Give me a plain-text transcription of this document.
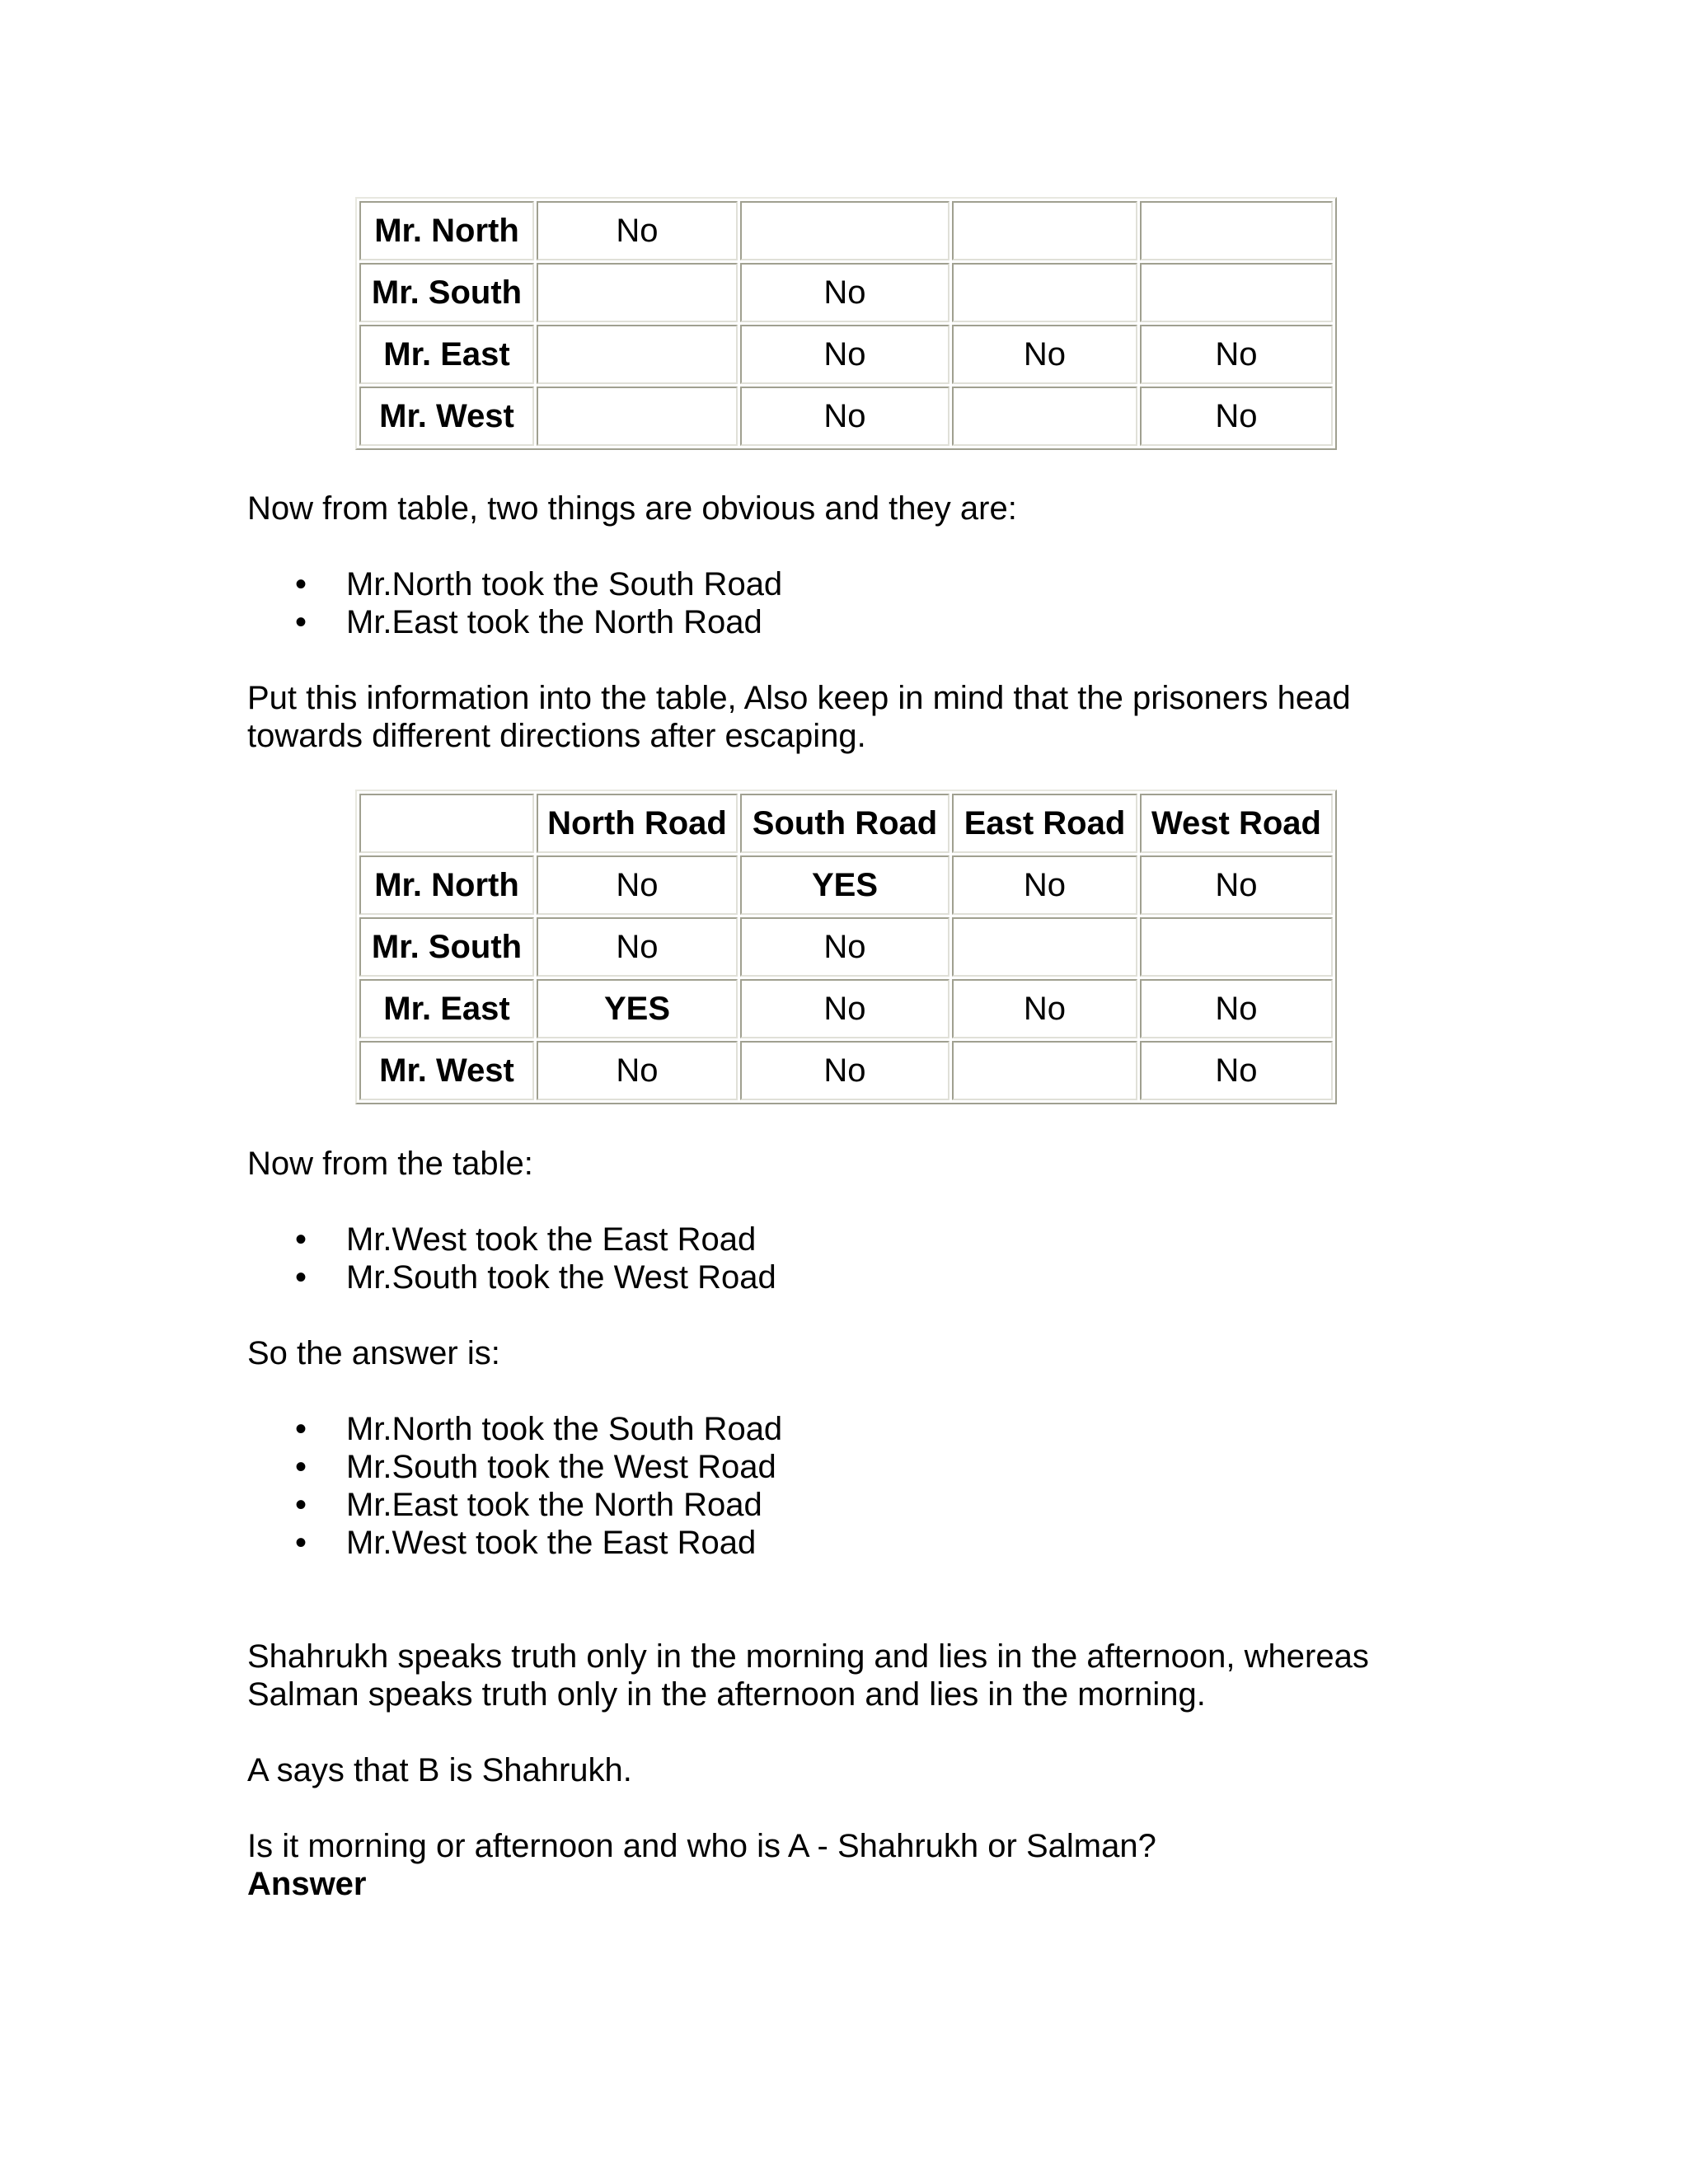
Mr. North	No			
Mr. South		No		
Mr. East		No	No	No
Mr. West		No		No

Now from table, two things are obvious and they are:

• Mr.North took the South Road
• Mr.East took the North Road

Put this information into the table, Also keep in mind that the prisoners head towards different directions after escaping.

	North Road	South Road	East Road	West Road
Mr. North	No	YES	No	No
Mr. South	No	No		
Mr. East	YES	No	No	No
Mr. West	No	No		No

Now from the table:

• Mr.West took the East Road
• Mr.South took the West Road

So the answer is:

• Mr.North took the South Road
• Mr.South took the West Road
• Mr.East took the North Road
• Mr.West took the East Road

Shahrukh speaks truth only in the morning and lies in the afternoon, whereas Salman speaks truth only in the afternoon and lies in the morning.

A says that B is Shahrukh.

Is it morning or afternoon and who is A - Shahrukh or Salman?

Answer
